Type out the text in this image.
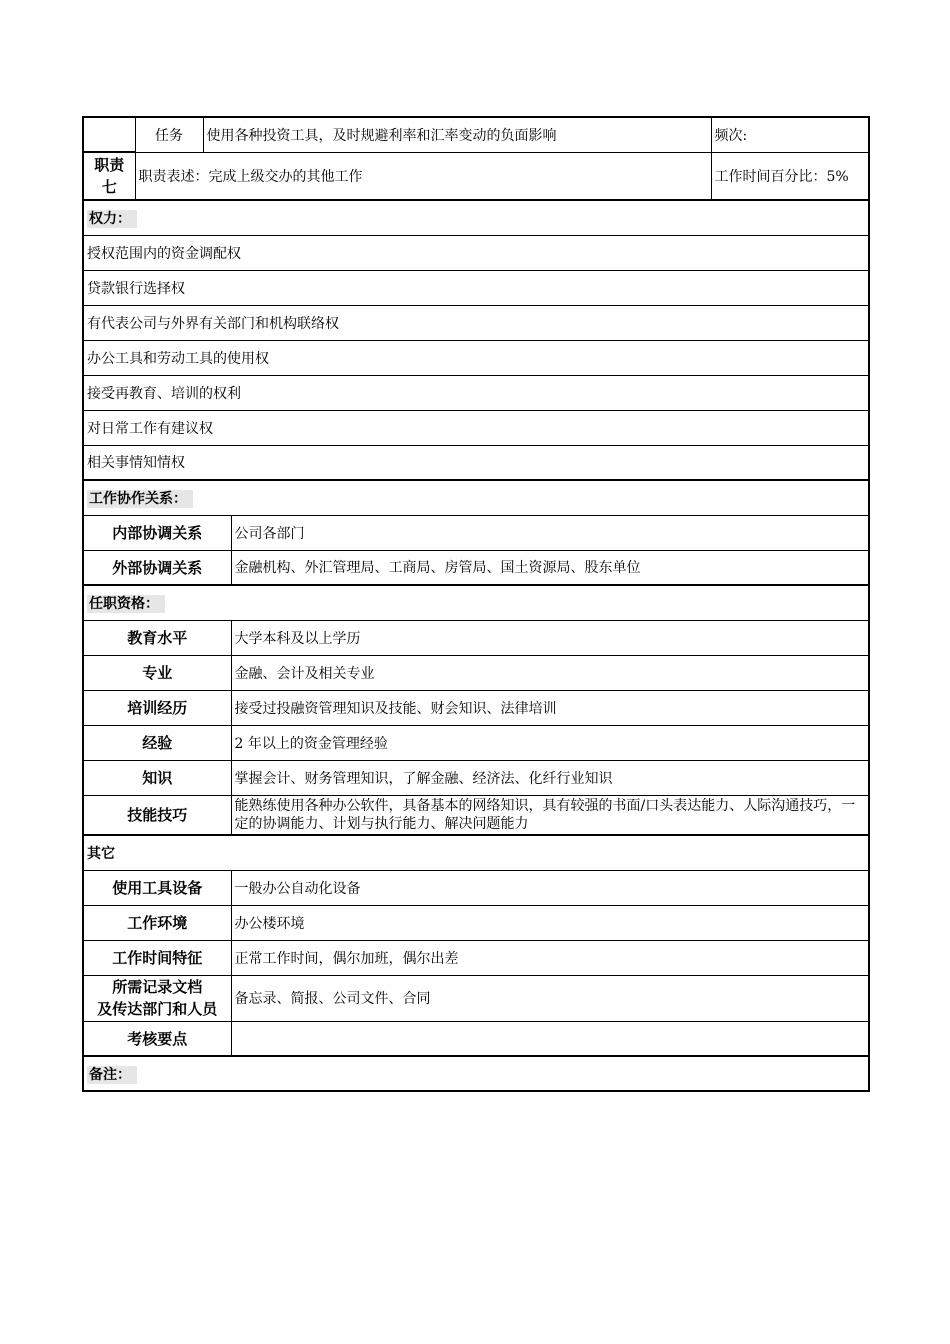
	任务	使用各种投资工具，及时规避利率和汇率变动的负面影响		频次:

职责
七	职责表述：完成上级交办的其他工作			工作时间百分比：5%
权力：				
授权范围内的资金调配权				
贷款银行选择权				
有代表公司与外界有关部门和机构联络权				
办公工具和劳动工具的使用权				
接受再教育、培训的权利				
对日常工作有建议权				
相关事情知情权				
工作协作关系：				
内部协调关系			公司各部门	
外部协调关系			金融机构、外汇管理局、工商局、房管局、国土资源局、股东单位	
任职资格：				
教育水平			大学本科及以上学历	
专业			金融、会计及相关专业	
培训经历			接受过投融资管理知识及技能、财会知识、法律培训	
经验			2 年以上的资金管理经验	
知识			掌握会计、财务管理知识，了解金融、经济法、化纤行业知识	
技能技巧			能熟练使用各种办公软件，具备基本的网络知识，具有较强的书面/口头表达能力、人际沟通技巧，一定的协调能力、计划与执行能力、解决问题能力	
其它				
使用工具设备			一般办公自动化设备	
工作环境			办公楼环境	
工作时间特征			正常工作时间，偶尔加班，偶尔出差	

所需记录文档
及传达部门和人员			备忘录、简报、公司文件、合同	
考核要点				
备注：				
